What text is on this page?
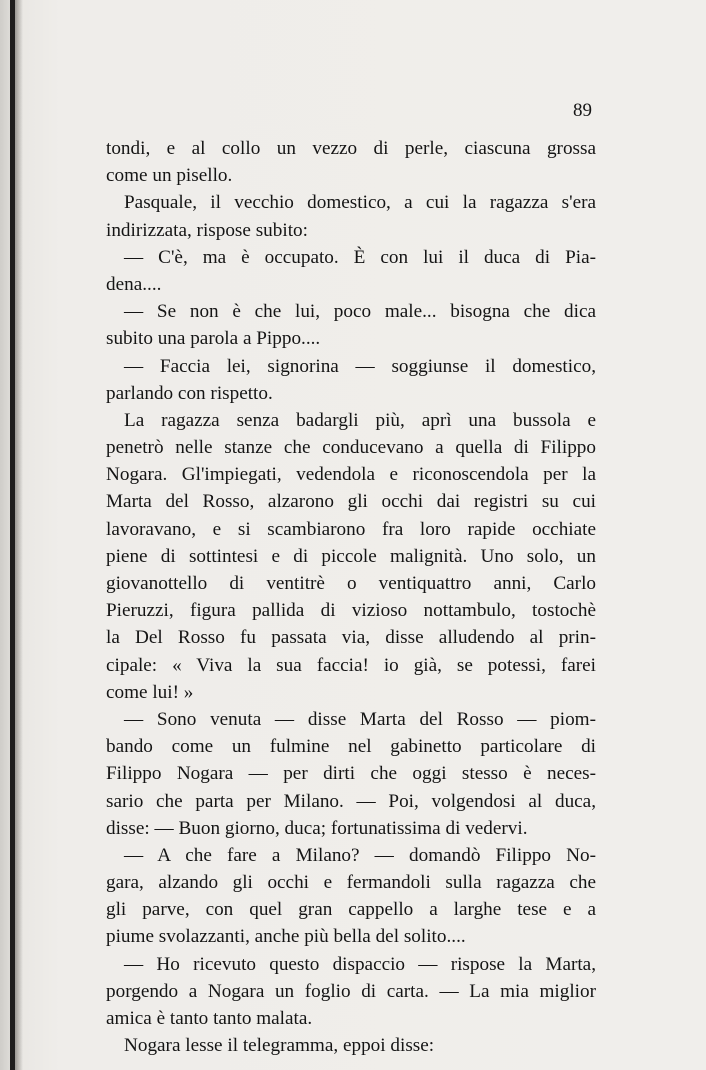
89
tondi, e al collo un vezzo di perle, ciascuna grossa
come un pisello.
Pasquale, il vecchio domestico, a cui la ragazza s'era
indirizzata, rispose subito:
— C'è, ma è occupato. È con lui il duca di Pia-
dena....
— Se non è che lui, poco male... bisogna che dica
subito una parola a Pippo....
— Faccia lei, signorina — soggiunse il domestico,
parlando con rispetto.
La ragazza senza badargli più, aprì una bussola e
penetrò nelle stanze che conducevano a quella di Filippo
Nogara. Gl'impiegati, vedendola e riconoscendola per la
Marta del Rosso, alzarono gli occhi dai registri su cui
lavoravano, e si scambiarono fra loro rapide occhiate
piene di sottintesi e di piccole malignità. Uno solo, un
giovanottello di ventitrè o ventiquattro anni, Carlo
Pieruzzi, figura pallida di vizioso nottambulo, tostochè
la Del Rosso fu passata via, disse alludendo al prin-
cipale: « Viva la sua faccia! io già, se potessi, farei
come lui! »
— Sono venuta — disse Marta del Rosso — piom-
bando come un fulmine nel gabinetto particolare di
Filippo Nogara — per dirti che oggi stesso è neces-
sario che parta per Milano. — Poi, volgendosi al duca,
disse: — Buon giorno, duca; fortunatissima di vedervi.
— A che fare a Milano? — domandò Filippo No-
gara, alzando gli occhi e fermandoli sulla ragazza che
gli parve, con quel gran cappello a larghe tese e a
piume svolazzanti, anche più bella del solito....
— Ho ricevuto questo dispaccio — rispose la Marta,
porgendo a Nogara un foglio di carta. — La mia miglior
amica è tanto tanto malata.
Nogara lesse il telegramma, eppoi disse:
